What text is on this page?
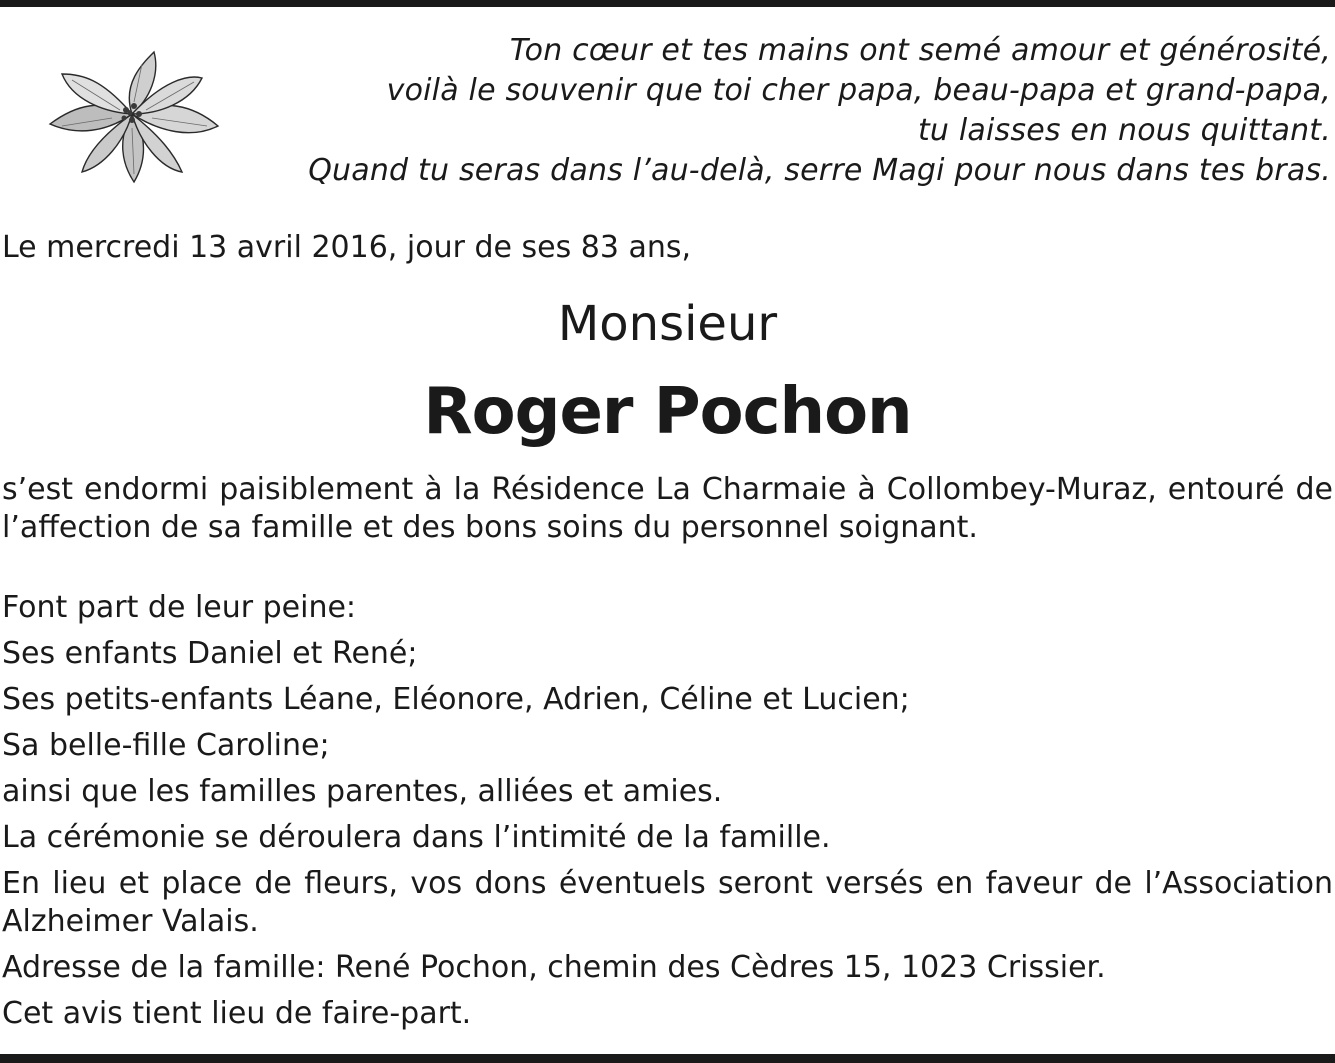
Ton cœur et tes mains ont semé amour et générosité,
voilà le souvenir que toi cher papa, beau-papa et grand-papa,
tu laisses en nous quittant.
Quand tu seras dans l’au-delà, serre Magi pour nous dans tes bras.
Le mercredi 13 avril 2016, jour de ses 83 ans,
Monsieur
Roger Pochon
s’est endormi paisiblement à la Résidence La Charmaie à Collombey-Muraz, entouré de
l’affection de sa famille et des bons soins du personnel soignant.
Font part de leur peine:
Ses enfants Daniel et René;
Ses petits-enfants Léane, Eléonore, Adrien, Céline et Lucien;
Sa belle-fille Caroline;
ainsi que les familles parentes, alliées et amies.
La cérémonie se déroulera dans l’intimité de la famille.
En lieu et place de fleurs, vos dons éventuels seront versés en faveur de l’Association
Alzheimer Valais.
Adresse de la famille: René Pochon, chemin des Cèdres 15, 1023 Crissier.
Cet avis tient lieu de faire-part.
